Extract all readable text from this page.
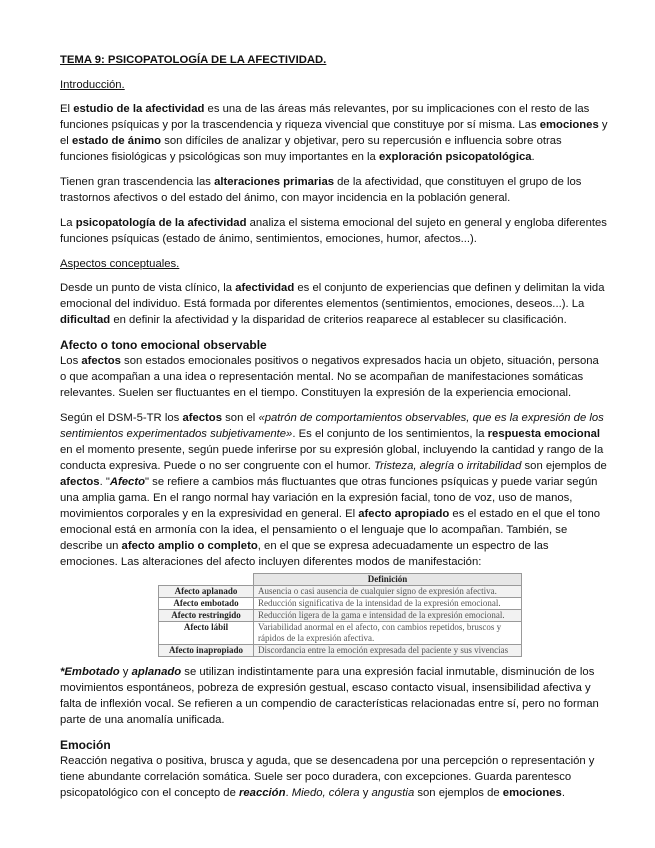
TEMA 9: PSICOPATOLOGÍA DE LA AFECTIVIDAD.

Introducción.

El estudio de la afectividad es una de las áreas más relevantes, por su implicaciones con el resto de las funciones psíquicas y por la trascendencia y riqueza vivencial que constituye por sí misma. Las emociones y el estado de ánimo son difíciles de analizar y objetivar, pero su repercusión e influencia sobre otras funciones fisiológicas y psicológicas son muy importantes en la exploración psicopatológica.

Tienen gran trascendencia las alteraciones primarias de la afectividad, que constituyen el grupo de los trastornos afectivos o del estado del ánimo, con mayor incidencia en la población general.

La psicopatología de la afectividad analiza el sistema emocional del sujeto en general y engloba diferentes funciones psíquicas (estado de ánimo, sentimientos, emociones, humor, afectos...).

Aspectos conceptuales.

Desde un punto de vista clínico, la afectividad es el conjunto de experiencias que definen y delimitan la vida emocional del individuo. Está formada por diferentes elementos (sentimientos, emociones, deseos...). La dificultad en definir la afectividad y la disparidad de criterios reaparece al establecer su clasificación.

Afecto o tono emocional observable

Los afectos son estados emocionales positivos o negativos expresados hacia un objeto, situación, persona o que acompañan a una idea o representación mental. No se acompañan de manifestaciones somáticas relevantes. Suelen ser fluctuantes en el tiempo. Constituyen la expresión de la experiencia emocional.

Según el DSM-5-TR los afectos son el «patrón de comportamientos observables, que es la expresión de los sentimientos experimentados subjetivamente». Es el conjunto de los sentimientos, la respuesta emocional en el momento presente, según puede inferirse por su expresión global, incluyendo la cantidad y rango de la conducta expresiva. Puede o no ser congruente con el humor. Tristeza, alegría o irritabilidad son ejemplos de afectos. "Afecto" se refiere a cambios más fluctuantes que otras funciones psíquicas y puede variar según una amplia gama. En el rango normal hay variación en la expresión facial, tono de voz, uso de manos, movimientos corporales y en la expresividad en general. El afecto apropiado es el estado en el que el tono emocional está en armonía con la idea, el pensamiento o el lenguaje que lo acompañan. También, se describe un afecto amplio o completo, en el que se expresa adecuadamente un espectro de las emociones. Las alteraciones del afecto incluyen diferentes modos de manifestación:

	Definición
Afecto aplanado	Ausencia o casi ausencia de cualquier signo de expresión afectiva.
Afecto embotado	Reducción significativa de la intensidad de la expresión emocional.
Afecto restringido	Reducción ligera de la gama e intensidad de la expresión emocional.
Afecto lábil	Variabilidad anormal en el afecto, con cambios repetidos, bruscos y rápidos de la expresión afectiva.
Afecto inapropiado	Discordancia entre la emoción expresada del paciente y sus vivencias

*Embotado y aplanado se utilizan indistintamente para una expresión facial inmutable, disminución de los movimientos espontáneos, pobreza de expresión gestual, escaso contacto visual, insensibilidad afectiva y falta de inflexión vocal. Se refieren a un compendio de características relacionadas entre sí, pero no forman parte de una anomalía unificada.

Emoción

Reacción negativa o positiva, brusca y aguda, que se desencadena por una percepción o representación y tiene abundante correlación somática. Suele ser poco duradera, con excepciones. Guarda parentesco psicopatológico con el concepto de reacción. Miedo, cólera y angustia son ejemplos de emociones.
